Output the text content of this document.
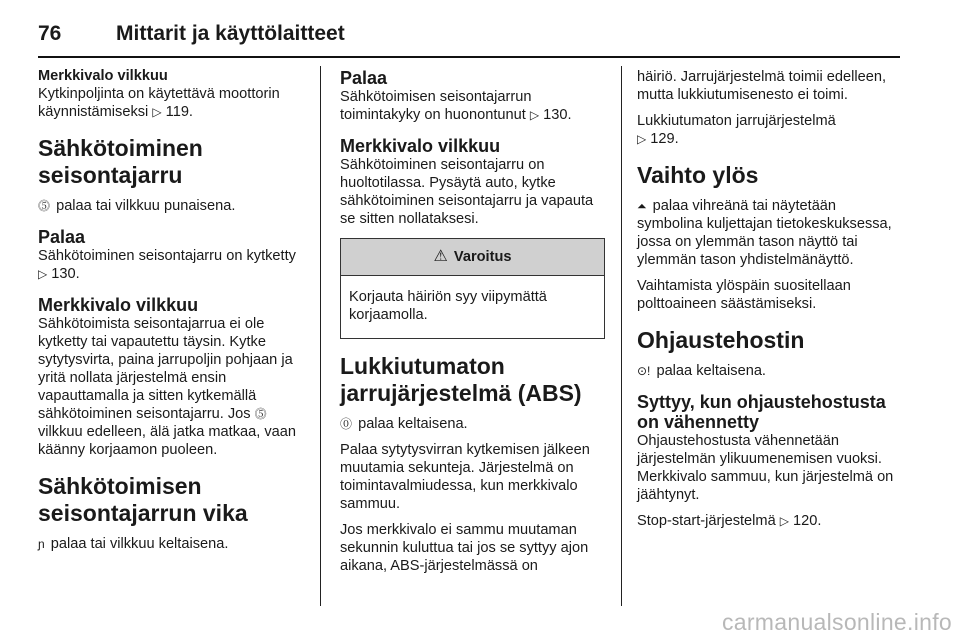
76	Mittarit ja käyttölaitteet
Merkkivalo vilkkuu

Kytkinpoljinta on käytettävä moottorin käynnistämiseksi ▷ 119.

Sähkötoiminen
seisontajarru

⓹ palaa tai vilkkuu punaisena.

Palaa

Sähkötoiminen seisontajarru on kytketty ▷ 130.

Merkkivalo vilkkuu

Sähkötoimista seisontajarrua ei ole kytketty tai vapautettu täysin. Kytke sytytysvirta, paina jarrupoljin pohjaan ja yritä nollata järjestelmä ensin vapauttamalla ja sitten kytkemällä sähkötoiminen seisontajarru. Jos ⓹ vilkkuu edelleen, älä jatka matkaa, vaan käänny korjaamon puoleen.

Sähkötoimisen
seisontajarrun vika

ɲ palaa tai vilkkuu keltaisena.

Palaa

Sähkötoimisen seisontajarrun toimintakyky on huonontunut ▷ 130.

Merkkivalo vilkkuu

Sähkötoiminen seisontajarru on huoltotilassa. Pysäytä auto, kytke sähkötoiminen seisontajarru ja vapauta se sitten nollataksesi.

⚠ Varoitus

Korjauta häiriön syy viipymättä korjaamolla.

Lukkiutumaton
jarrujärjestelmä (ABS)

⓪ palaa keltaisena.

Palaa sytytysvirran kytkemisen jälkeen muutamia sekunteja. Järjestelmä on toimintavalmiudessa, kun merkkivalo sammuu.

Jos merkkivalo ei sammu muutaman sekunnin kuluttua tai jos se syttyy ajon aikana, ABS-järjestelmässä on

häiriö. Jarrujärjestelmä toimii edelleen, mutta lukkiutumisenesto ei toimi.

Lukkiutumaton jarrujärjestelmä
▷ 129.

Vaihto ylös

⏶ palaa vihreänä tai näytetään symbolina kuljettajan tietokeskuksessa, jossa on ylemmän tason näyttö tai ylemmän tason yhdistelmänäyttö.

Vaihtamista ylöspäin suositellaan polttoaineen säästämiseksi.

Ohjaustehostin

⊙! palaa keltaisena.

Syttyy, kun ohjaustehostusta on vähennetty

Ohjaustehostusta vähennetään järjestelmän ylikuumenemisen vuoksi. Merkkivalo sammuu, kun järjestelmä on jäähtynyt.

Stop-start-järjestelmä ▷ 120.

carmanualsonline.info
